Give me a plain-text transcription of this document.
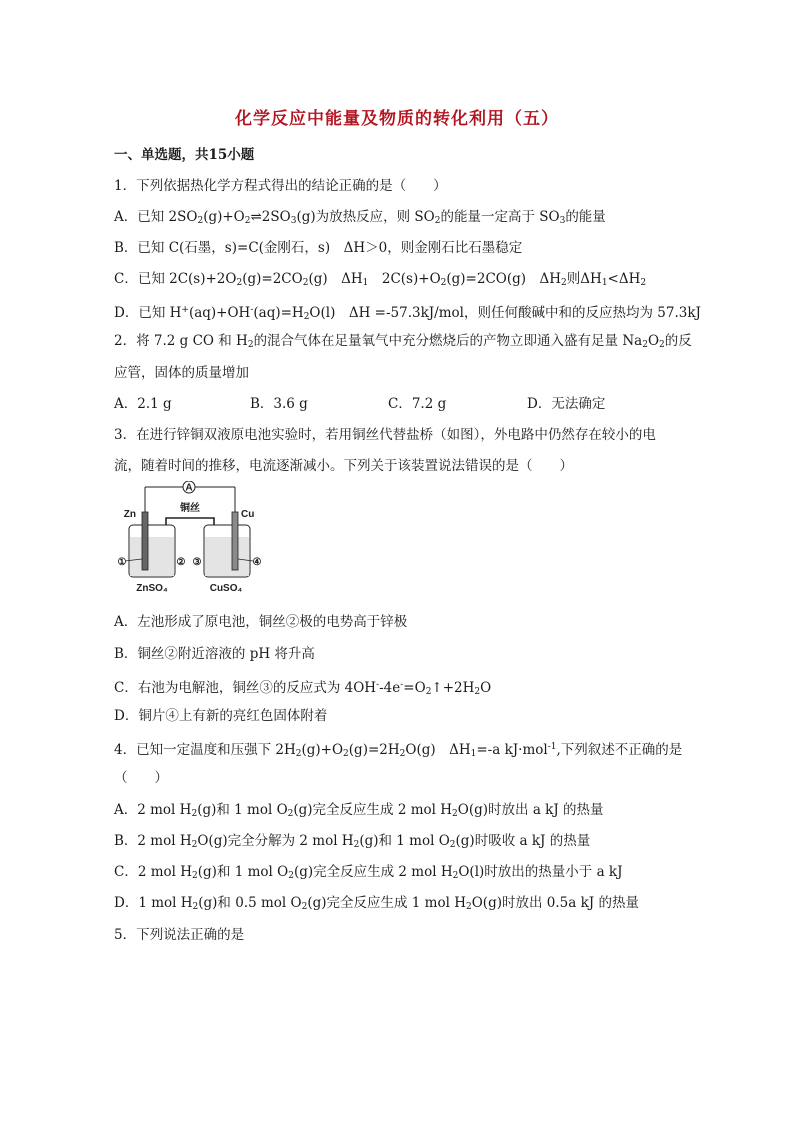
化学反应中能量及物质的转化利用（五）
一、单选题，共15小题
1．下列依据热化学方程式得出的结论正确的是（　　）
A．已知 $2SO_2(g)+O_2\rightleftharpoons 2SO_3(g)$为放热反应，则 $SO_2$的能量一定高于 $SO_3$的能量
B．已知 C(石墨，s)=C(金刚石，s)　ΔH＞0，则金刚石比石墨稳定
C．已知 $2C(s)+2O_2(g)=2CO_2(g)$　$\Delta H_1$　$2C(s)+O_2(g)=2CO(g)$　$\Delta H_2$则$\Delta H_1<\Delta H_2$
D．已知 $H^+(aq)+OH^-(aq)=H_2O(l)$　ΔH =-57.3kJ/mol，则任何酸碱中和的反应热均为 57.3kJ
2．将 7.2 g CO 和 $H_2$的混合气体在足量氧气中充分燃烧后的产物立即通入盛有足量 $Na_2O_2$的反
应管，固体的质量增加
A．2.1 g	B．3.6 g	C．7.2 g	D．无法确定
3．在进行锌铜双液原电池实验时，若用铜丝代替盐桥（如图），外电路中仍然存在较小的电
流，随着时间的推移，电流逐渐减小。下列关于该装置说法错误的是（　　）
A
铜丝
Zn	Cu
①	② ③	④
ZnSO₄	CuSO₄
A．左池形成了原电池，铜丝②极的电势高于锌极
B．铜丝②附近溶液的 pH 将升高
C．右池为电解池，铜丝③的反应式为 $4OH^--4e^-=O_2↑+2H_2O$
D．铜片④上有新的亮红色固体附着
4．已知一定温度和压强下 $2H_2(g)+O_2(g)=2H_2O(g)$　$\Delta H_1=-a$ kJ·mol$^{-1}$,下列叙述不正确的是
（　　）
A．2 mol $H_2(g)$和 1 mol $O_2(g)$完全反应生成 2 mol $H_2O(g)$时放出 a kJ 的热量
B．2 mol $H_2O(g)$完全分解为 2 mol $H_2(g)$和 1 mol $O_2(g)$时吸收 a kJ 的热量
C．2 mol $H_2(g)$和 1 mol $O_2(g)$完全反应生成 2 mol $H_2O(l)$时放出的热量小于 a kJ
D．1 mol $H_2(g)$和 0.5 mol $O_2(g)$完全反应生成 1 mol $H_2O(g)$时放出 0.5a kJ 的热量
5．下列说法正确的是
